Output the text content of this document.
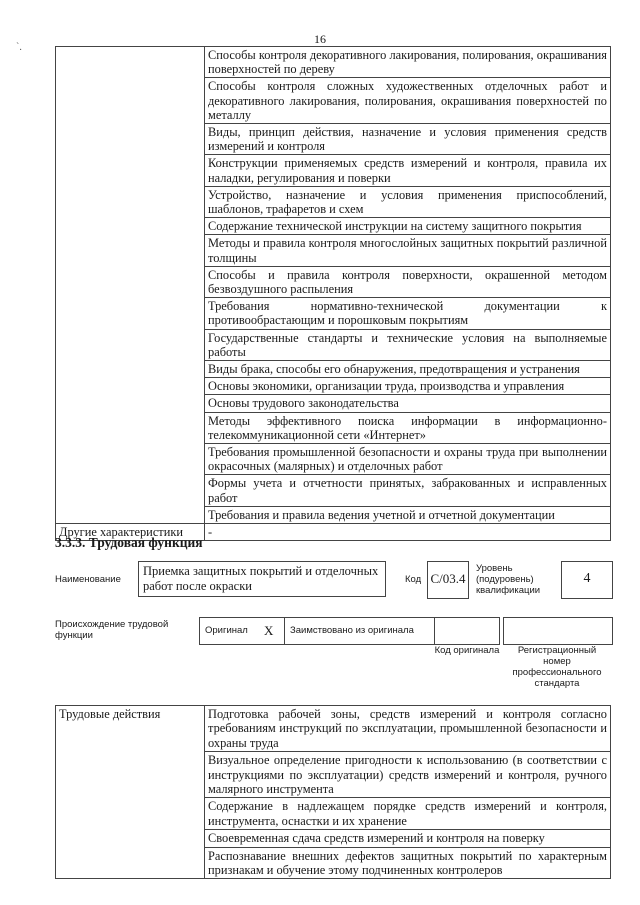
16
`.
	Способы контроля декоративного лакирования, полирования, окрашивания поверхностей по дереву
	Способы контроля сложных художественных отделочных работ и декоративного лакирования, полирования, окрашивания поверхностей по металлу
	Виды, принцип действия, назначение и условия применения средств измерений и контроля
	Конструкции применяемых средств измерений и контроля, правила их наладки, регулирования и поверки
	Устройство, назначение и условия применения приспособлений, шаблонов, трафаретов и схем
	Содержание технической инструкции на систему защитного покрытия
	Методы и правила контроля многослойных защитных покрытий различной толщины
	Способы и правила контроля поверхности, окрашенной методом безвоздушного распыления
	Требования нормативно-технической документации к противообрастающим и порошковым покрытиям
	Государственные стандарты и технические условия на выполняемые работы
	Виды брака, способы его обнаружения, предотвращения и устранения
	Основы экономики, организации труда, производства и управления
	Основы трудового законодательства
	Методы эффективного поиска информации в информационно-телекоммуникационной сети «Интернет»
	Требования промышленной безопасности и охраны труда при выполнении окрасочных (малярных) и отделочных работ
	Формы учета и отчетности принятых, забракованных и исправленных работ
	Требования и правила ведения учетной и отчетной документации
Другие характеристики	-
3.3.3. Трудовая функция
Наименование
Приемка защитных покрытий и отделочных работ после окраски	Код C/03.4
Уровень (подуровень) квалификации
4
Происхождение трудовой функции	Оригинал X Заимствовано из оригинала
Код оригинала	Регистрационный номер профессионального стандарта
Трудовые действия	Подготовка рабочей зоны, средств измерений и контроля согласно требованиям инструкций по эксплуатации, промышленной безопасности и охраны труда
Визуальное определение пригодности к использованию (в соответствии с инструкциями по эксплуатации) средств измерений и контроля, ручного малярного инструмента
Содержание в надлежащем порядке средств измерений и контроля, инструмента, оснастки и их хранение
Своевременная сдача средств измерений и контроля на поверку
Распознавание внешних дефектов защитных покрытий по характерным признакам и обучение этому подчиненных контролеров
